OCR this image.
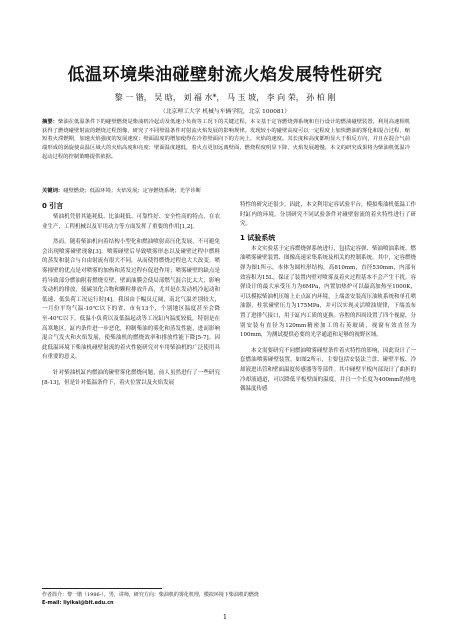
低温环境柴油碰壁射流火焰发展特性研究
黎 一 锴， 吴 晗， 刘 福 水*， 马 玉 坡， 李 向 荣， 孙 柏 刚
（北京理工大学 机械与车辆学院，北京 100081）
摘要：柴油在低温条件下的碰壁燃烧是柴油机冷起动及低速小负荷等工况下的关键过程。本文基于定容燃烧弹系统和自行设计的燃油碰壁装置，利用高速相机获得了燃烧碰壁射流的燃烧过程图像，研究了不同壁温条件对射流火焰发展的影响规律。发现较小的碰壁高度可以一定程度上加快燃油的雾化和混合过程，缩短着火滞燃期，加速火焰强度的发展速度；壁面温度的增加使得在冷着壁面向下的方向上，火焰的速度。其长度和高度都明显大于相反方向，并且在混合气前端形成的涡旋使高温区域大的火焰高度和亮度；壁面温度越低，着火点更加远离壁面，燃烧程度明显下降，火焰发展越慢。本文的研究成果将为柴油机低温冷起动过程的控制策略提供依据。
关键词：碰壁燃烧；低温环境；火焰发展；定容燃烧系统；光学诊断
0 引言

柴油机凭借其能耗低、比油耗低、可靠性好、安全性高的特点，在农业生产、工程机械以及军用动力等方面发挥了重要的作用[1,2]。

然而，随着柴油机向着结构小型化和燃油喷射高压化发展，不可避免会出现喷雾碰壁现象[3]。喷雾碰壁后导致喷雾形态以及碰壁过程中燃料的蒸发和混合与自由射流有很大不同，从而使得燃烧过程也大大改变。喷雾撞壁的优点是对喷雾的加热和蒸发过程有促进作用；喷雾碰壁的缺点是将导致部分燃油附着燃烧室壁，壁面油膜会使局部燃气混合比太大，影响发动机的排放，使碳氢化合物和颗粒排放升高，尤其是在发动机冷起动和低速、低负荷工况运行时[4]。我国由于幅员辽阔，南北气温差别较大，一月份平均气温-10℃以下的省、市有13个，个别地区温度甚至会降至-40℃以下。低温小负荷以及低温起动等工况缸内温度较低，特别是在高寒地区，缸内条件进一步恶化，抑制柴油的雾化和蒸发性能，进而影响混合气发火和火焰发展，使柴油机的燃烧效率和排放性能下降[5-7]。因此低温环境下柴油机碰壁射流的着火性能研究对车用柴油机的广泛使用具有重要的意义。

针对柴油机缸内燃油的碰壁雾化燃烧问题，前人虽然进行了一些研究[8-13]，但是针对低温条件下，着火位置以及火焰发展

特性的研究还很少。因此，本文利用定容试验平台，模拟柴油机低温工作时缸内的环境，分别研究不同试验条件对碰壁射流的着火特性进行了研究。

1 试验系统

本文实验基于定容燃烧弹系统进行，包括定容弹、柴油喷油系统、燃油喷雾碰壁装置、图像高速采集系统及相关的控制系统。其中，定容燃烧弹为图1所示，本体为圆柱形结构，高810mm，直径530mm，内部有效容积为15L。保证了装置内壁对喷雾及着火过程基本不会产生干扰。容弹设计的最大承受压力为6MPa，内置加热炉可以最高加热至1000K，可以模拟柴油机压缩上止点缸内环境。上端盖安装高压油轨系统和单孔喷油器，柱状碰壁压力为175MPa，并可以实现灵活喷油规律，下端盖布置了进排气接口，用于缸内工质的更换。容腔的四周设置了四个视窗，分别安装有直径为120mm精密加工的石英玻璃，视窗有效直径为100mm，为测试提供必要的光学通道和足够的视野区域。

本文需要研究不同燃油喷雾碰壁条件着火特性的影响，因此设计了一套燃油喷雾碰壁装置，如图2所示，主要包括安装法兰盘、碰壁平板、冷却液进出管和壁面温度传感器等等部件。其中碰壁平板内部设计了曲折的冷却液通道，可以降低平板壁面的温度，并且一个长度为400mm的热电偶温度传感

作者简介：黎一锴（1986-），男，讲师，研究方向：柴油机的雾化机理，模拟环境下柴油机的燃烧
E-mail: liyikai@bit.edu.cn
1
